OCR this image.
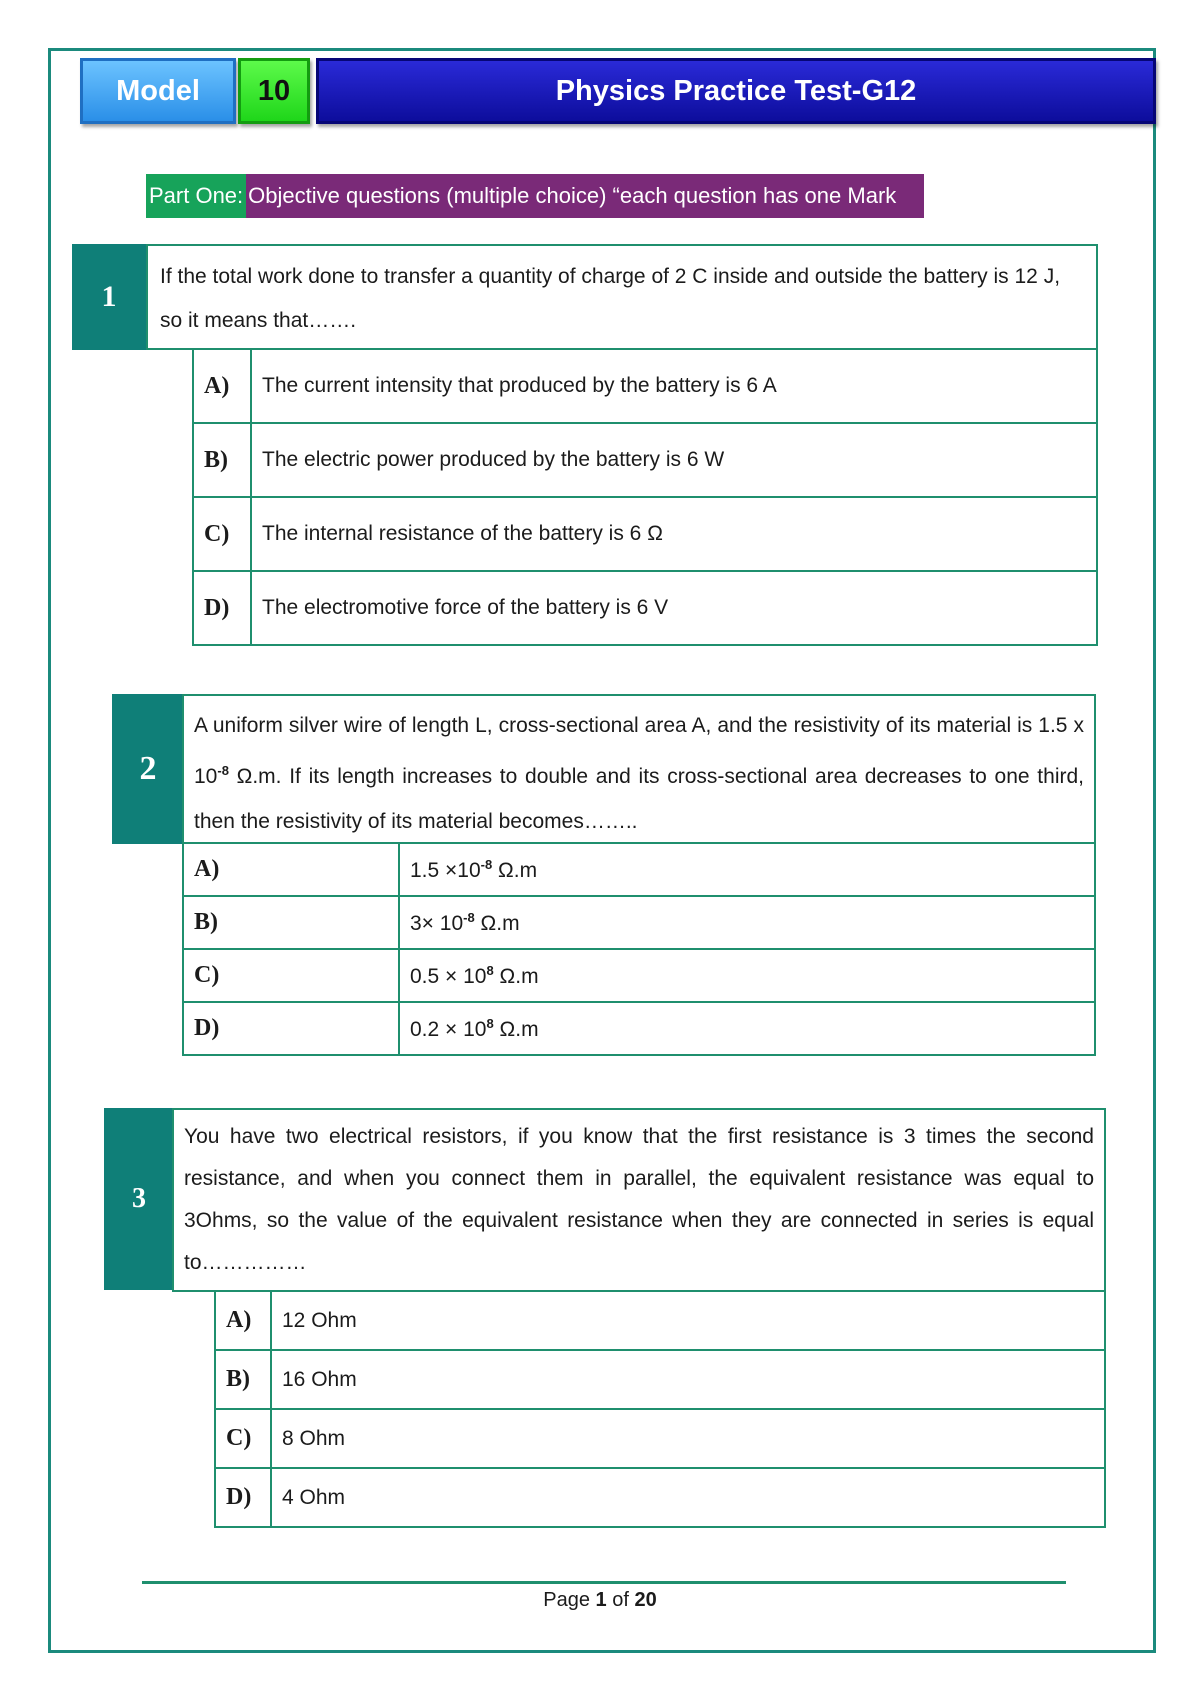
Model	10	Physics Practice Test-G12
Part One: Objective questions (multiple choice) “each question has one Mark
1
If the total work done to transfer a quantity of charge of 2 C inside and outside the battery is 12 J, so it means that…….
A)	The current intensity that produced by the battery is 6 A
B)	The electric power produced by the battery is 6 W
C)	The internal resistance of the battery is 6 Ω
D)	The electromotive force of the battery is 6 V
2
A uniform silver wire of length L, cross-sectional area A, and the resistivity of its material is 1.5 x $10^{-8}$ Ω.m. If its length increases to double and its cross-sectional area decreases to one third, then the resistivity of its material becomes……..
A)	$1.5 \times 10^{-8}$ Ω.m
B)	$3\times 10^{-8}$ Ω.m
C)	$0.5 \times 10^8$ Ω.m
D)	$0.2 \times 10^8$ Ω.m
3
You have two electrical resistors, if you know that the first resistance is 3 times the second resistance, and when you connect them in parallel, the equivalent resistance was equal to 3Ohms, so the value of the equivalent resistance when they are connected in series is equal to……………
A)	12 Ohm
B)	16 Ohm
C)	8 Ohm
D)	4 Ohm
Page 1 of 20
